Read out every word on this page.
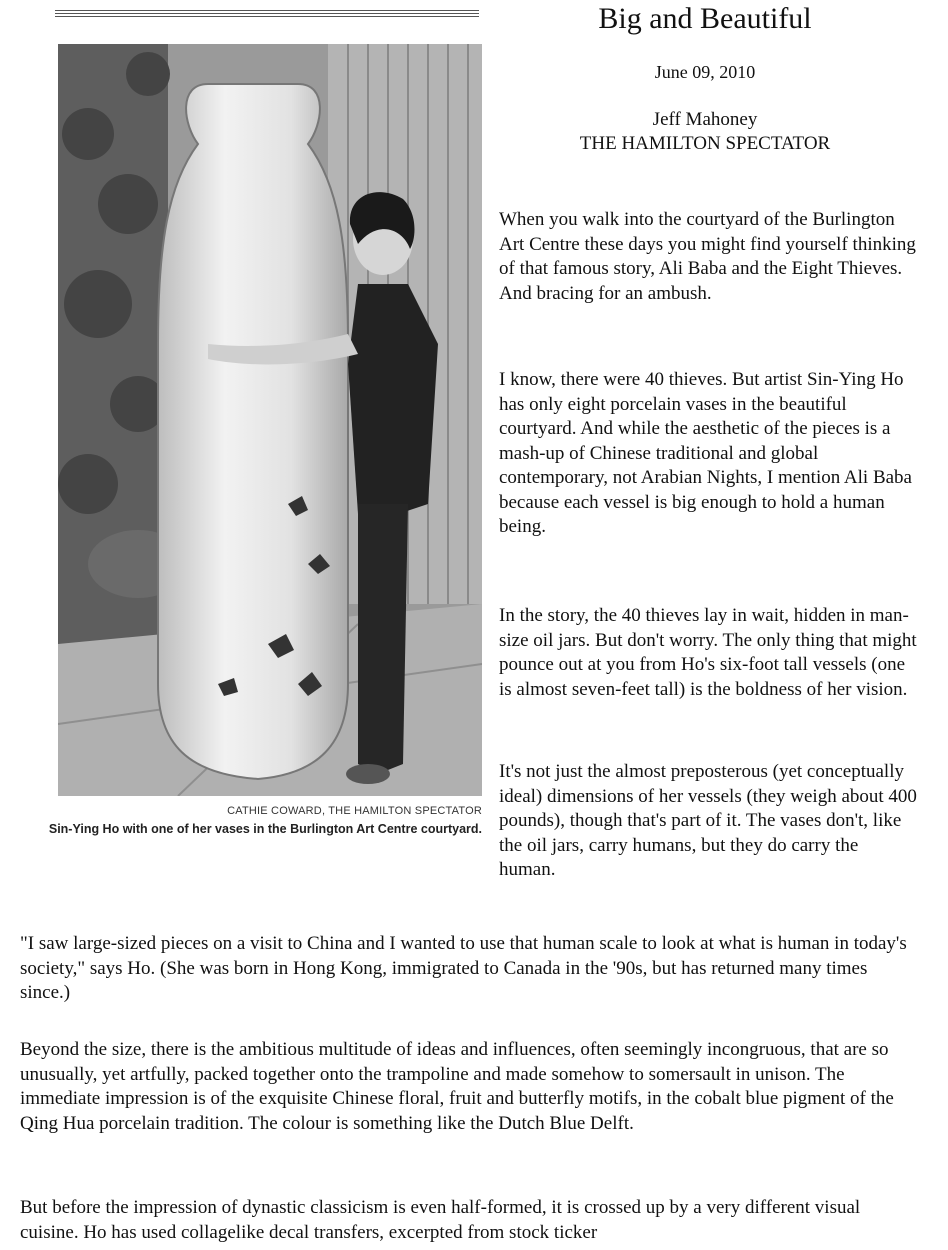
CATHIE COWARD, THE HAMILTON SPECTATOR
Sin-Ying Ho with one of her vases in the Burlington Art Centre courtyard.
Big and Beautiful
June 09, 2010
Jeff Mahoney
THE HAMILTON SPECTATOR

When you walk into the courtyard of the Burlington Art Centre these days you might find yourself thinking of that famous story, Ali Baba and the Eight Thieves. And bracing for an ambush.

I know, there were 40 thieves. But artist Sin-Ying Ho has only eight porcelain vases in the beautiful courtyard. And while the aesthetic of the pieces is a mash-up of Chinese traditional and global contemporary, not Arabian Nights, I mention Ali Baba because each vessel is big enough to hold a human being.

In the story, the 40 thieves lay in wait, hidden in man-size oil jars. But don't worry. The only thing that might pounce out at you from Ho's six-foot tall vessels (one is almost seven-feet tall) is the boldness of her vision.

It's not just the almost preposterous (yet conceptually ideal) dimensions of her vessels (they weigh about 400 pounds), though that's part of it. The vases don't, like the oil jars, carry humans, but they do carry the human.

"I saw large-sized pieces on a visit to China and I wanted to use that human scale to look at what is human in today's society," says Ho. (She was born in Hong Kong, immigrated to Canada in the '90s, but has returned many times since.)

Beyond the size, there is the ambitious multitude of ideas and influences, often seemingly incongruous, that are so unusually, yet artfully, packed together onto the trampoline and made somehow to somersault in unison. The immediate impression is of the exquisite Chinese floral, fruit and butterfly motifs, in the cobalt blue pigment of the Qing Hua porcelain tradition. The colour is something like the Dutch Blue Delft.

But before the impression of dynastic classicism is even half-formed, it is crossed up by a very different visual cuisine. Ho has used collagelike decal transfers, excerpted from stock ticker
